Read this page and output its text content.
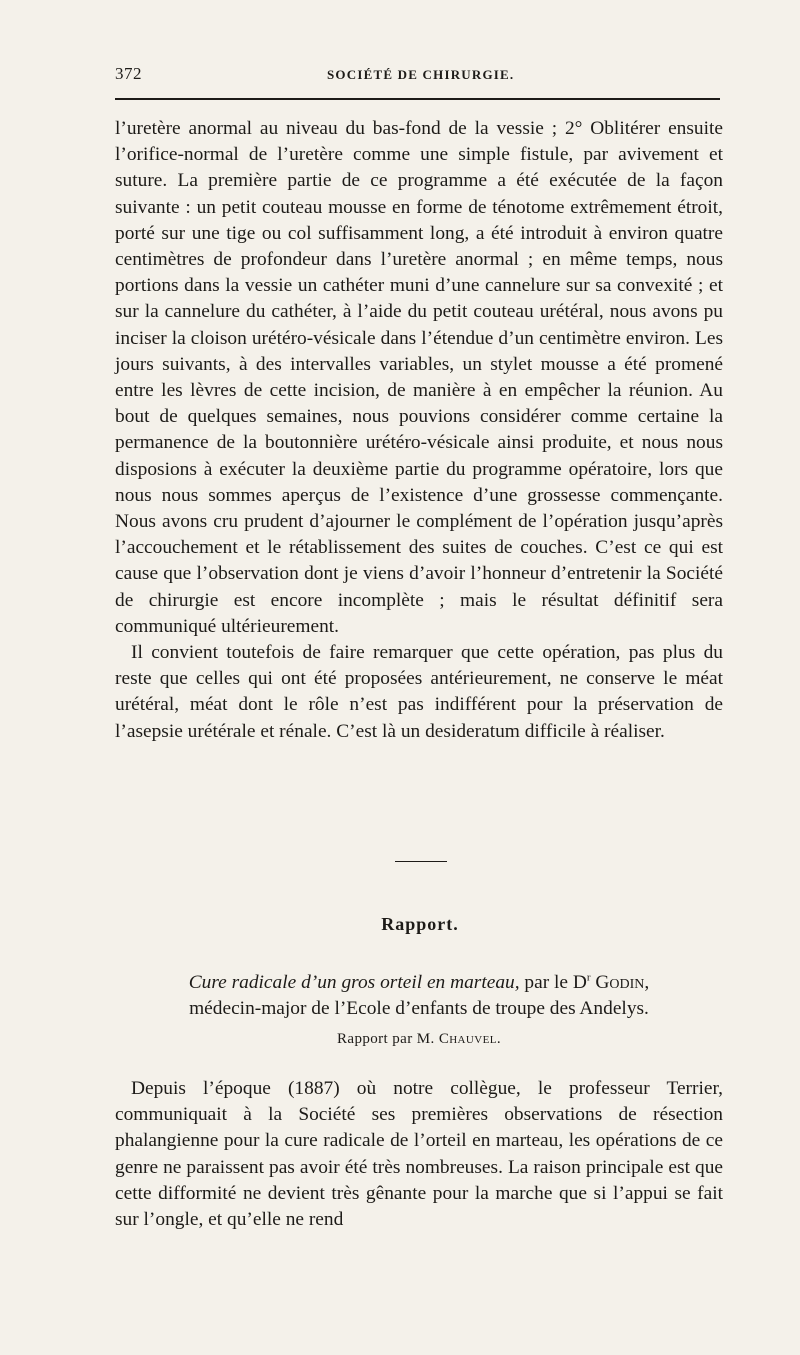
372	SOCIÉTÉ DE CHIRURGIE.

l’uretère anormal au niveau du bas-fond de la vessie ; 2° Oblitérer ensuite l’orifice-normal de l’uretère comme une simple fistule, par avivement et suture. La première partie de ce programme a été exécutée de la façon suivante : un petit couteau mousse en forme de ténotome extrêmement étroit, porté sur une tige ou col suffisamment long, a été introduit à environ quatre centimètres de profondeur dans l’uretère anormal ; en même temps, nous portions dans la vessie un cathéter muni d’une cannelure sur sa convexité ; et sur la cannelure du cathéter, à l’aide du petit couteau urétéral, nous avons pu inciser la cloison urétéro-vésicale dans l’étendue d’un centimètre environ. Les jours suivants, à des intervalles variables, un stylet mousse a été promené entre les lèvres de cette incision, de manière à en empêcher la réunion. Au bout de quelques semaines, nous pouvions considérer comme certaine la permanence de la boutonnière urétéro-vésicale ainsi produite, et nous nous disposions à exécuter la deuxième partie du programme opératoire, lors que nous nous sommes aperçus de l’existence d’une grossesse commençante. Nous avons cru prudent d’ajourner le complément de l’opération jusqu’après l’accouchement et le rétablissement des suites de couches. C’est ce qui est cause que l’observation dont je viens d’avoir l’honneur d’entretenir la Société de chirurgie est encore incomplète ; mais le résultat définitif sera communiqué ultérieurement.

Il convient toutefois de faire remarquer que cette opération, pas plus du reste que celles qui ont été proposées antérieurement, ne conserve le méat urétéral, méat dont le rôle n’est pas indifférent pour la préservation de l’asepsie urétérale et rénale. C’est là un desideratum difficile à réaliser.

Rapport.
Cure radicale d’un gros orteil en marteau, par le $D^r$ Godin,
médecin-major de l’Ecole d’enfants de troupe des Andelys.
Rapport par M. Chauvel.

Depuis l’époque (1887) où notre collègue, le professeur Terrier, communiquait à la Société ses premières observations de résection phalangienne pour la cure radicale de l’orteil en marteau, les opérations de ce genre ne paraissent pas avoir été très nombreuses. La raison principale est que cette difformité ne devient très gênante pour la marche que si l’appui se fait sur l’ongle, et qu’elle ne rend
